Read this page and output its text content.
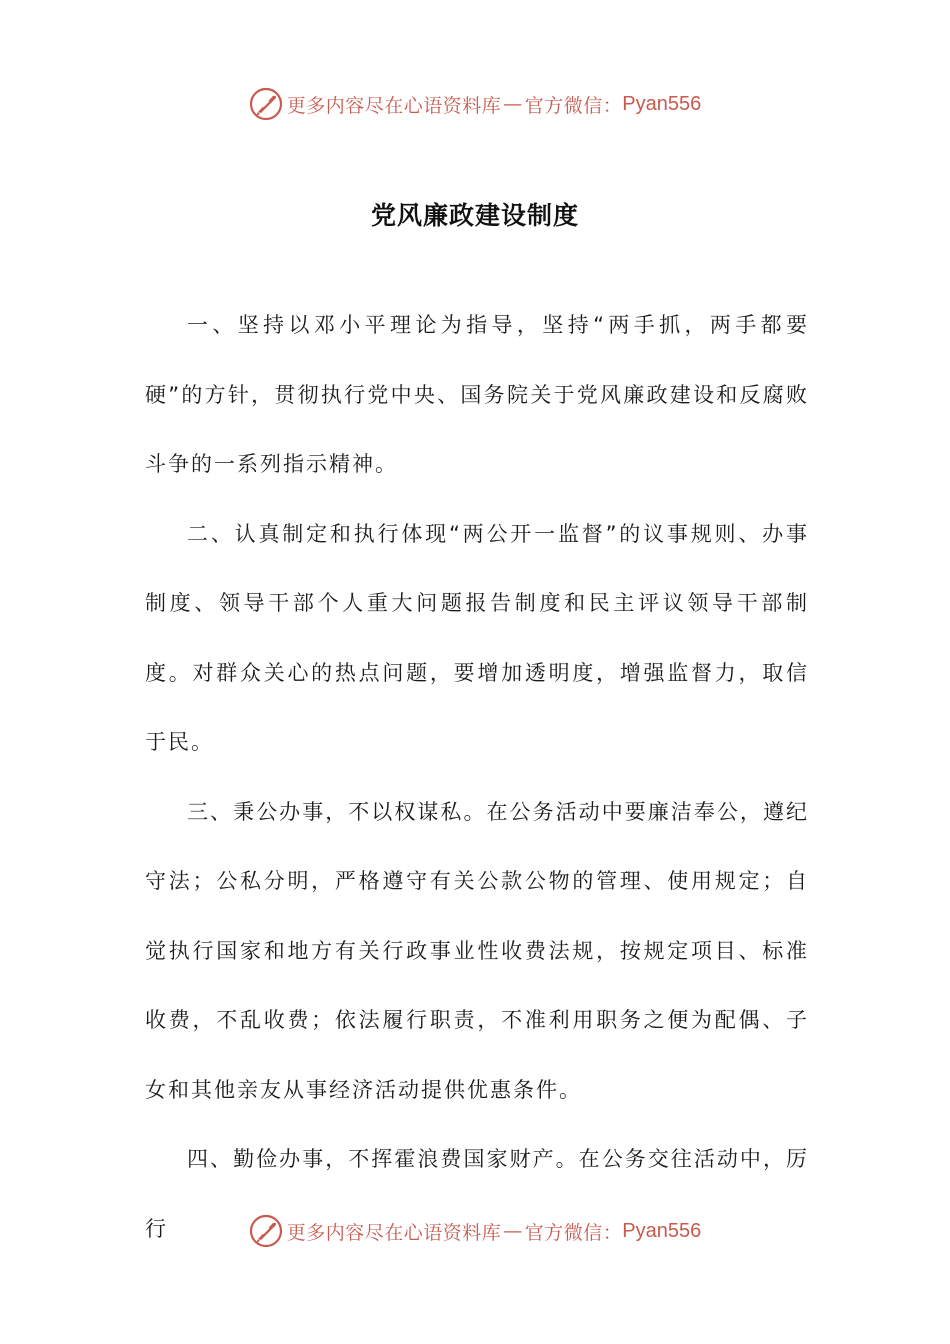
更多内容尽在心语资料库 — 官方微信： Pyan556
党风廉政建设制度

一、坚持以邓小平理论为指导，坚持“两手抓，两手都要硬”的方针，贯彻执行党中央、国务院关于党风廉政建设和反腐败斗争的一系列指示精神。

二、认真制定和执行体现“两公开一监督”的议事规则、办事制度、领导干部个人重大问题报告制度和民主评议领导干部制度。对群众关心的热点问题，要增加透明度，增强监督力，取信于民。

三、秉公办事，不以权谋私。在公务活动中要廉洁奉公，遵纪守法；公私分明，严格遵守有关公款公物的管理、使用规定；自觉执行国家和地方有关行政事业性收费法规，按规定项目、标准收费，不乱收费；依法履行职责，不准利用职务之便为配偶、子女和其他亲友从事经济活动提供优惠条件。

四、勤俭办事，不挥霍浪费国家财产。在公务交往活动中，厉行	更多内容尽在心语资料库 — 官方微信： Pyan556
